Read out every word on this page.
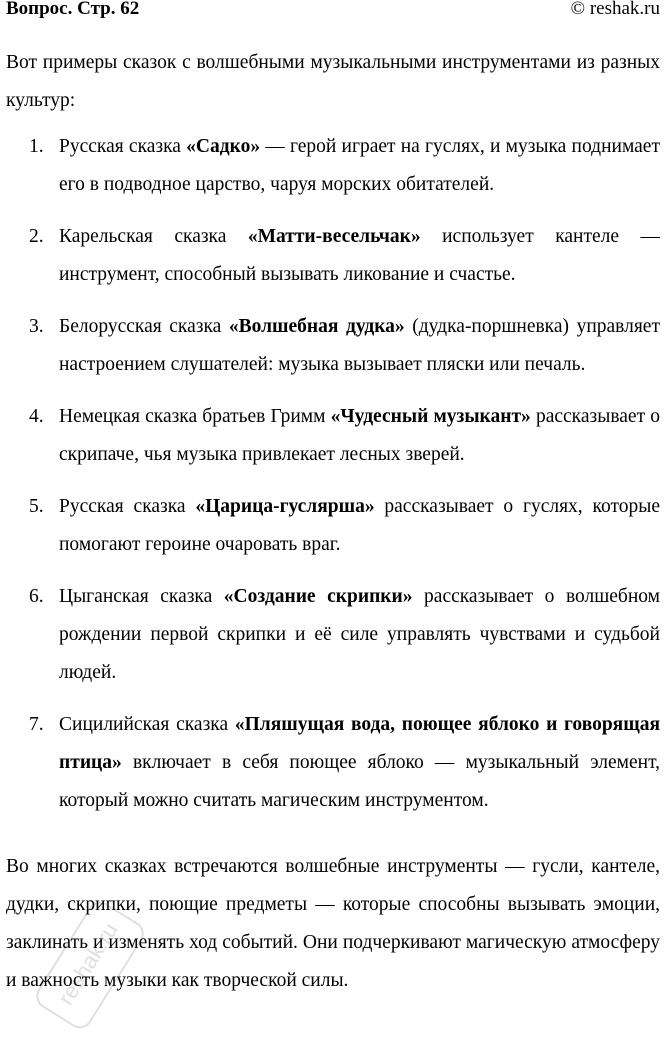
Вопрос. Стр. 62	© reshak.ru

Вот примеры сказок с волшебными музыкальными инструментами из разных культур:

1. Русская сказка «Садко» — герой играет на гуслях, и музыка поднимает его в подводное царство, чаруя морских обитателей.
2. Карельская сказка «Матти-весельчак» использует кантеле — инструмент, способный вызывать ликование и счастье.
3. Белорусская сказка «Волшебная дудка» (дудка-поршневка) управляет настроением слушателей: музыка вызывает пляски или печаль.
4. Немецкая сказка братьев Гримм «Чудесный музыкант» рассказывает о скрипаче, чья музыка привлекает лесных зверей.
5. Русская сказка «Царица-гуслярша» рассказывает о гуслях, которые помогают героине очаровать враг.
6. Цыганская сказка «Создание скрипки» рассказывает о волшебном рождении первой скрипки и её силе управлять чувствами и судьбой людей.
7. Сицилийская сказка «Пляшущая вода, поющее яблоко и говорящая птица» включает в себя поющее яблоко — музыкальный элемент, который можно считать магическим инструментом.

Во многих сказках встречаются волшебные инструменты — гусли, кантеле, дудки, скрипки, поющие предметы — которые способны вызывать эмоции, заклинать и изменять ход событий. Они подчеркивают магическую атмосферу и важность музыки как творческой силы.

reshak.ru
